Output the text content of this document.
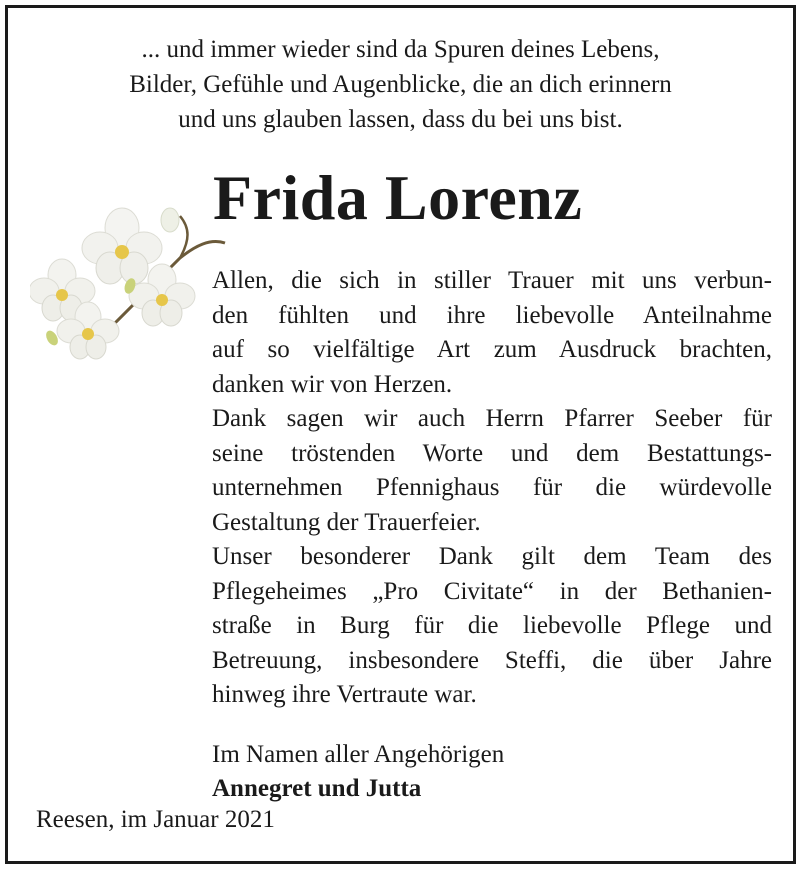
... und immer wieder sind da Spuren deines Lebens,
Bilder, Gefühle und Augenblicke, die an dich erinnern
und uns glauben lassen, dass du bei uns bist.
Frida Lorenz
Allen, die sich in stiller Trauer mit uns verbun-
den fühlten und ihre liebevolle Anteilnahme
auf so vielfältige Art zum Ausdruck brachten,
danken wir von Herzen.
Dank sagen wir auch Herrn Pfarrer Seeber für
seine tröstenden Worte und dem Bestattungs-
unternehmen Pfennighaus für die würdevolle
Gestaltung der Trauerfeier.
Unser besonderer Dank gilt dem Team des
Pflegeheimes „Pro Civitate“ in der Bethanien-
straße in Burg für die liebevolle Pflege und
Betreuung, insbesondere Steffi, die über Jahre
hinweg ihre Vertraute war.
Im Namen aller Angehörigen
Annegret und Jutta
Reesen, im Januar 2021
